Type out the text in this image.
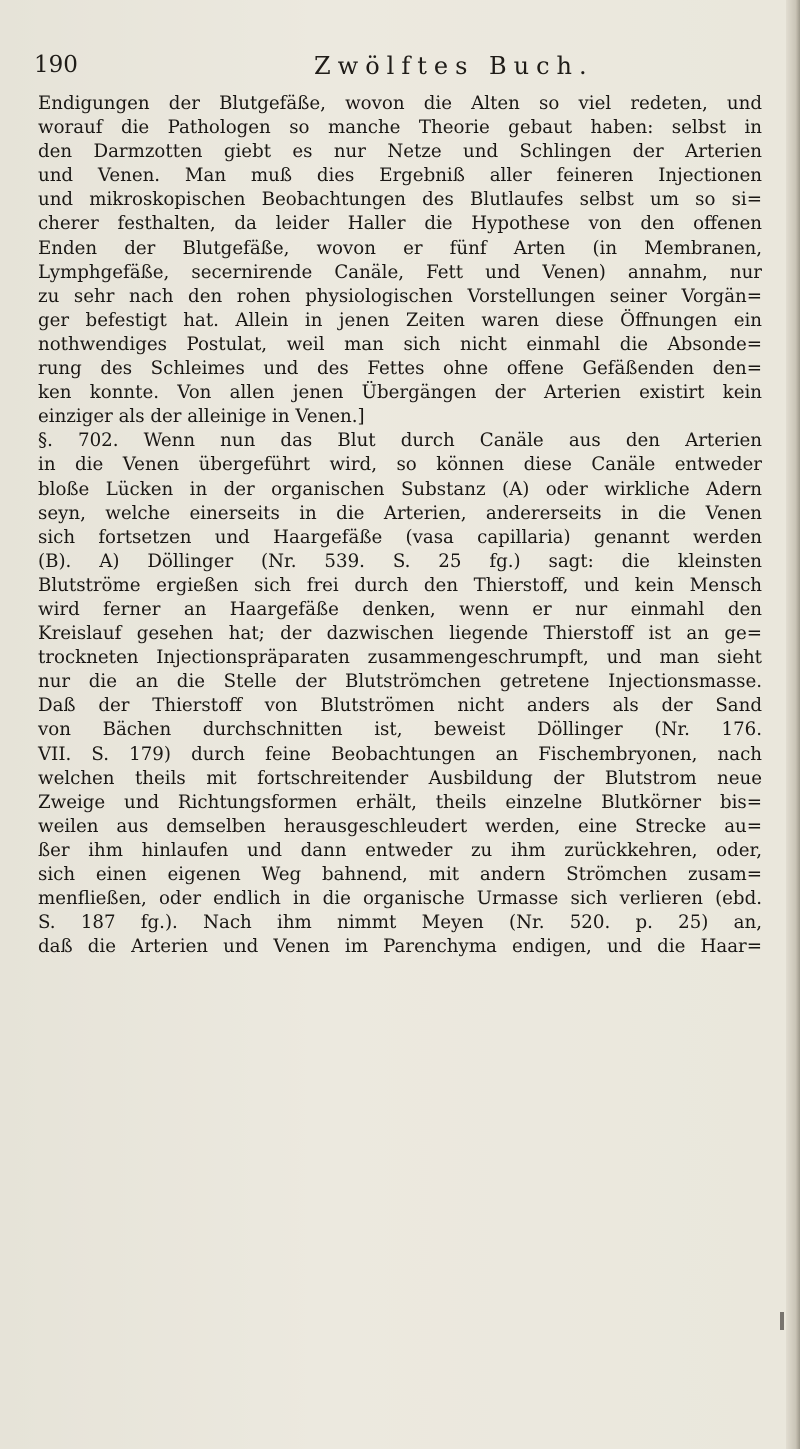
190	Zwölftes Buch.
Endigungen der Blutgefäße, wovon die Alten so viel redeten, und
worauf die Pathologen so manche Theorie gebaut haben: selbst in
den Darmzotten giebt es nur Netze und Schlingen der Arterien
und Venen. Man muß dies Ergebniß aller feineren Injectionen
und mikroskopischen Beobachtungen des Blutlaufes selbst um so si=
cherer festhalten, da leider Haller die Hypothese von den offenen
Enden der Blutgefäße, wovon er fünf Arten (in Membranen,
Lymphgefäße, secernirende Canäle, Fett und Venen) annahm, nur
zu sehr nach den rohen physiologischen Vorstellungen seiner Vorgän=
ger befestigt hat. Allein in jenen Zeiten waren diese Öffnungen ein
nothwendiges Postulat, weil man sich nicht einmahl die Absonde=
rung des Schleimes und des Fettes ohne offene Gefäßenden den=
ken konnte. Von allen jenen Übergängen der Arterien existirt kein
einziger als der alleinige in Venen.]
§. 702. Wenn nun das Blut durch Canäle aus den Arterien
in die Venen übergeführt wird, so können diese Canäle entweder
bloße Lücken in der organischen Substanz (A) oder wirkliche Adern
seyn, welche einerseits in die Arterien, andererseits in die Venen
sich fortsetzen und Haargefäße (vasa capillaria) genannt werden
(B). A) Döllinger (Nr. 539. S. 25 fg.) sagt: die kleinsten
Blutströme ergießen sich frei durch den Thierstoff, und kein Mensch
wird ferner an Haargefäße denken, wenn er nur einmahl den
Kreislauf gesehen hat; der dazwischen liegende Thierstoff ist an ge=
trockneten Injectionspräparaten zusammengeschrumpft, und man sieht
nur die an die Stelle der Blutströmchen getretene Injectionsmasse.
Daß der Thierstoff von Blutströmen nicht anders als der Sand
von Bächen durchschnitten ist, beweist Döllinger (Nr. 176.
VII. S. 179) durch feine Beobachtungen an Fischembryonen, nach
welchen theils mit fortschreitender Ausbildung der Blutstrom neue
Zweige und Richtungsformen erhält, theils einzelne Blutkörner bis=
weilen aus demselben herausgeschleudert werden, eine Strecke au=
ßer ihm hinlaufen und dann entweder zu ihm zurückkehren, oder,
sich einen eigenen Weg bahnend, mit andern Strömchen zusam=
menfließen, oder endlich in die organische Urmasse sich verlieren (ebd.
S. 187 fg.). Nach ihm nimmt Meyen (Nr. 520. p. 25) an,
daß die Arterien und Venen im Parenchyma endigen, und die Haar=
